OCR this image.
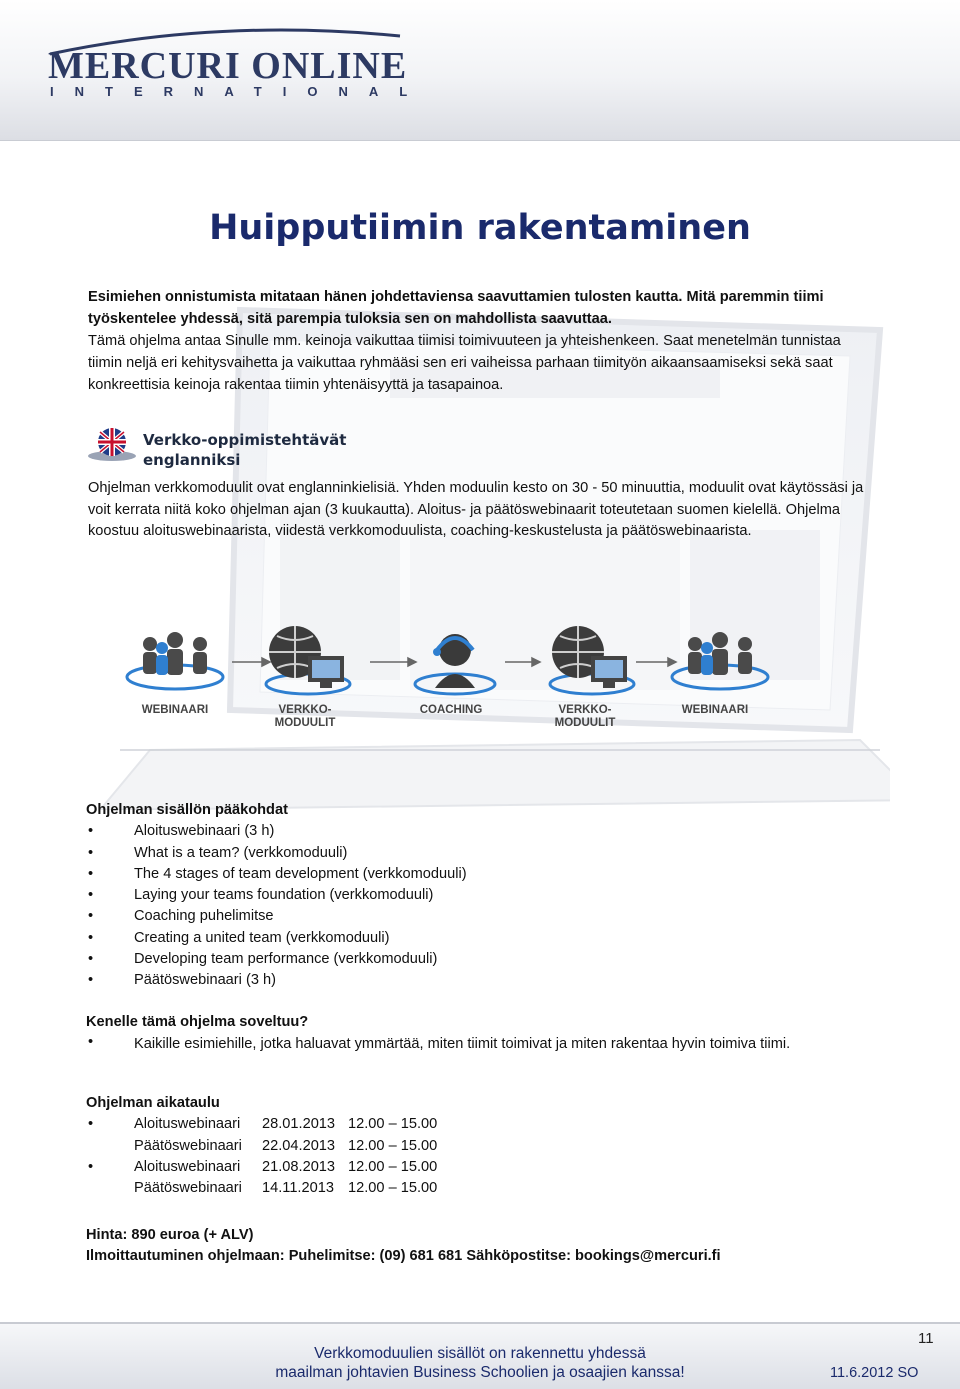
MERCURI ONLINE
INTERNATIONAL
Huipputiimin rakentaminen

Esimiehen onnistumista mitataan hänen johdettaviensa saavuttamien tulosten kautta. Mitä paremmin tiimi työskentelee yhdessä, sitä parempia tuloksia sen on mahdollista saavuttaa.

Tämä ohjelma antaa Sinulle mm. keinoja vaikuttaa tiimisi toimivuuteen ja yhteishenkeen. Saat menetelmän tunnistaa tiimin neljä eri kehitysvaihetta ja vaikuttaa ryhmääsi sen eri vaiheissa parhaan tiimityön aikaansaamiseksi sekä saat konkreettisia keinoja rakentaa tiimin yhtenäisyyttä ja tasapainoa.

Verkko-oppimistehtävät
englanniksi
Ohjelman verkkomoduulit ovat englanninkielisiä. Yhden moduulin kesto on 30 - 50 minuuttia, moduulit ovat käytössäsi ja voit kerrata niitä koko ohjelman ajan (3 kuukautta). Aloitus- ja päätöswebinaarit toteutetaan suomen kielellä. Ohjelma koostuu aloituswebinaarista, viidestä verkkomoduulista, coaching-keskustelusta ja päätöswebinaarista.
WEBINAARI	VERKKO-
MODUULIT
COACHING	VERKKO-
MODUULIT
WEBINAARI
Ohjelman sisällön pääkohdat
• Aloituswebinaari (3 h)
• What is a team? (verkkomoduuli)
• The 4 stages of team development (verkkomoduuli)
• Laying your teams foundation (verkkomoduuli)
• Coaching puhelimitse
• Creating a united team (verkkomoduuli)
• Developing team performance (verkkomoduuli)
• Päätöswebinaari (3 h)
Kenelle tämä ohjelma soveltuu?
• Kaikille esimiehille, jotka haluavat ymmärtää, miten tiimit toimivat ja miten rakentaa hyvin toimiva tiimi.
Ohjelman aikataulu
• Aloituswebinaari 28.01.2013 12.00 – 15.00
Päätöswebinaari 22.04.2013 12.00 – 15.00
• Aloituswebinaari 21.08.2013 12.00 – 15.00
Päätöswebinaari 14.11.2013 12.00 – 15.00
Hinta: 890 euroa (+ ALV)
Ilmoittautuminen ohjelmaan: Puhelimitse: (09) 681 681 Sähköpostitse: bookings@mercuri.fi
Verkkomoduulien sisällöt on rakennettu yhdessä
maailman johtavien Business Schoolien ja osaajien kanssa!
11
11.6.2012 SO
